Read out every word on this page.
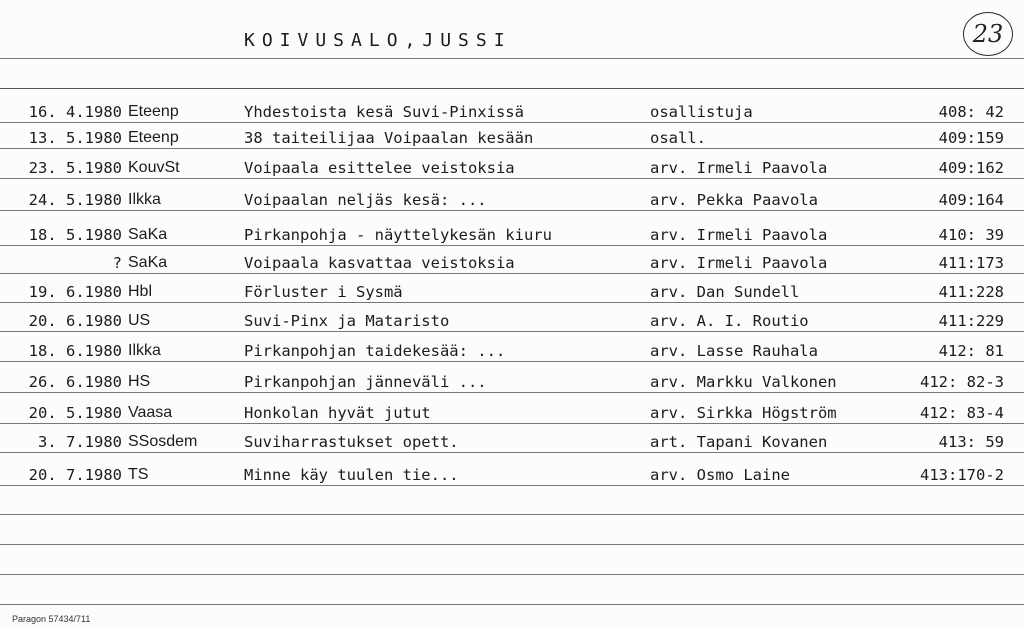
KOIVUSALO,JUSSI	23
16. 4.1980 Eteenp	Yhdestoista kesä Suvi-Pinxissä	osallistuja	408: 42
13. 5.1980 Eteenp	38 taiteilijaa Voipaalan kesään	osall.	409:159
23. 5.1980 KouvSt	Voipaala esittelee veistoksia	arv. Irmeli Paavola	409:162
24. 5.1980 Ilkka	Voipaalan neljäs kesä: ...	arv. Pekka Paavola	409:164
18. 5.1980 SaKa	Pirkanpohja - näyttelykesän kiuru	arv. Irmeli Paavola	410: 39
? SaKa	Voipaala kasvattaa veistoksia	arv. Irmeli Paavola	411:173
19. 6.1980 Hbl	Förluster i Sysmä	arv. Dan Sundell	411:228
20. 6.1980 US	Suvi-Pinx ja Mataristo	arv. A. I. Routio	411:229
18. 6.1980 Ilkka	Pirkanpohjan taidekesää: ...	arv. Lasse Rauhala	412: 81
26. 6.1980 HS	Pirkanpohjan jänneväli ...	arv. Markku Valkonen	412: 82-3
20. 5.1980 Vaasa	Honkolan hyvät jutut	arv. Sirkka Högström	412: 83-4
3. 7.1980 SSosdem	Suviharrastukset opett.	art. Tapani Kovanen	413: 59
20. 7.1980 TS	Minne käy tuulen tie...	arv. Osmo Laine	413:170-2
Paragon 57434/711
